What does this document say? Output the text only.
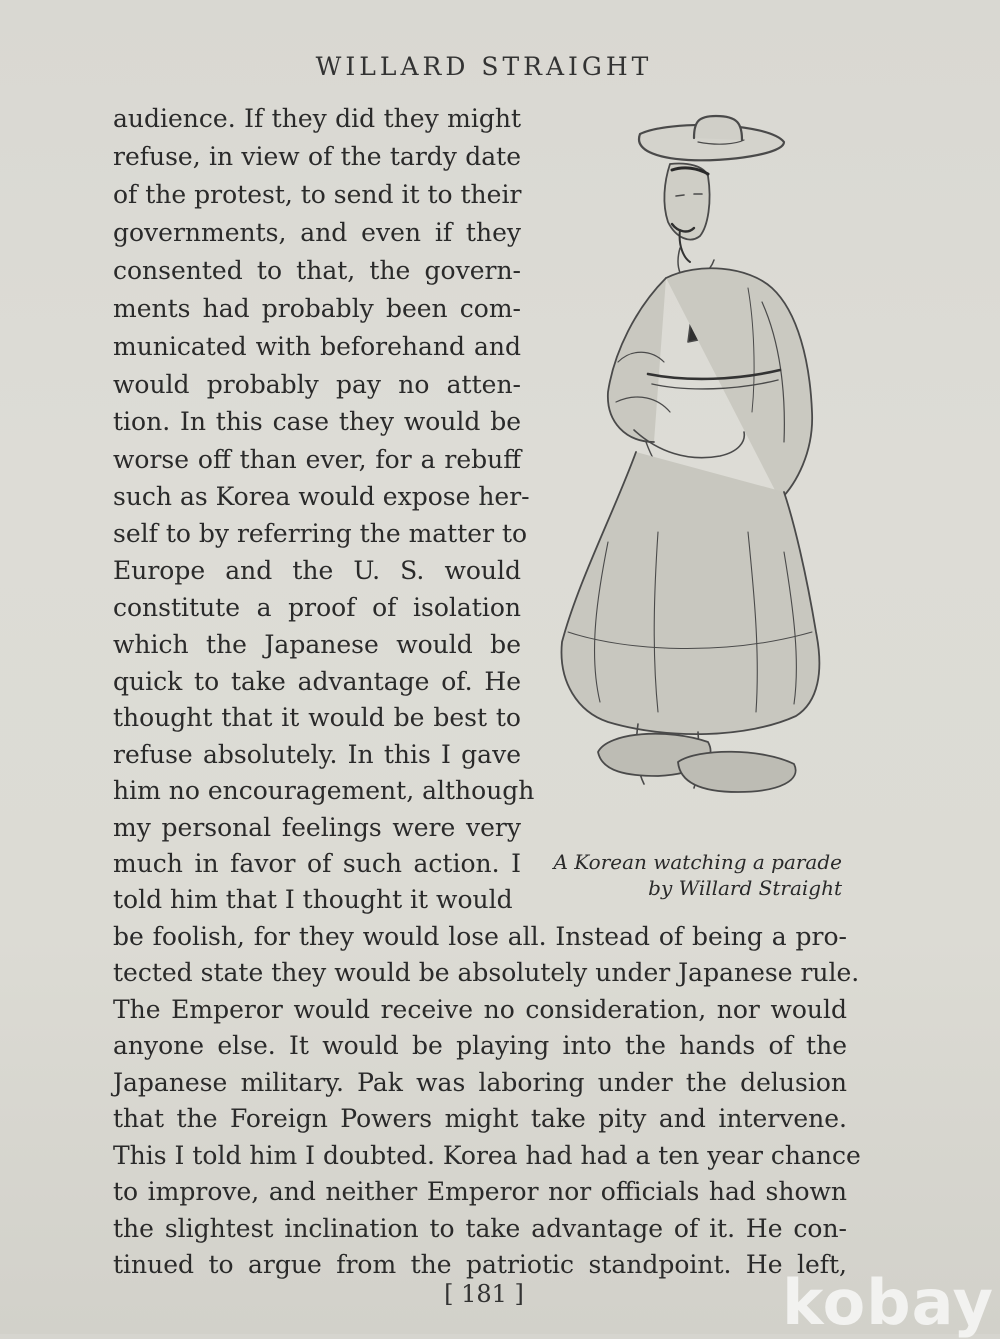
WILLARD STRAIGHT
audience. If they did they might
refuse, in view of the tardy date
of the protest, to send it to their
governments, and even if they
consented to that, the govern-
ments had probably been com-
municated with beforehand and
would probably pay no atten-
tion. In this case they would be
worse off than ever, for a rebuff
such as Korea would expose her-
self to by referring the matter to
Europe and the U. S. would
constitute a proof of isolation
which the Japanese would be
quick to take advantage of. He
thought that it would be best to
refuse absolutely. In this I gave
him no encouragement, although
my personal feelings were very
much in favor of such action. I
told him that I thought it would
A Korean watching a parade
by Willard Straight
be foolish, for they would lose all. Instead of being a pro-
tected state they would be absolutely under Japanese rule.
The Emperor would receive no consideration, nor would
anyone else. It would be playing into the hands of the
Japanese military. Pak was laboring under the delusion
that the Foreign Powers might take pity and intervene.
This I told him I doubted. Korea had had a ten year chance
to improve, and neither Emperor nor officials had shown
the slightest inclination to take advantage of it. He con-
tinued to argue from the patriotic standpoint. He left,
[ 181 ]	kobay
